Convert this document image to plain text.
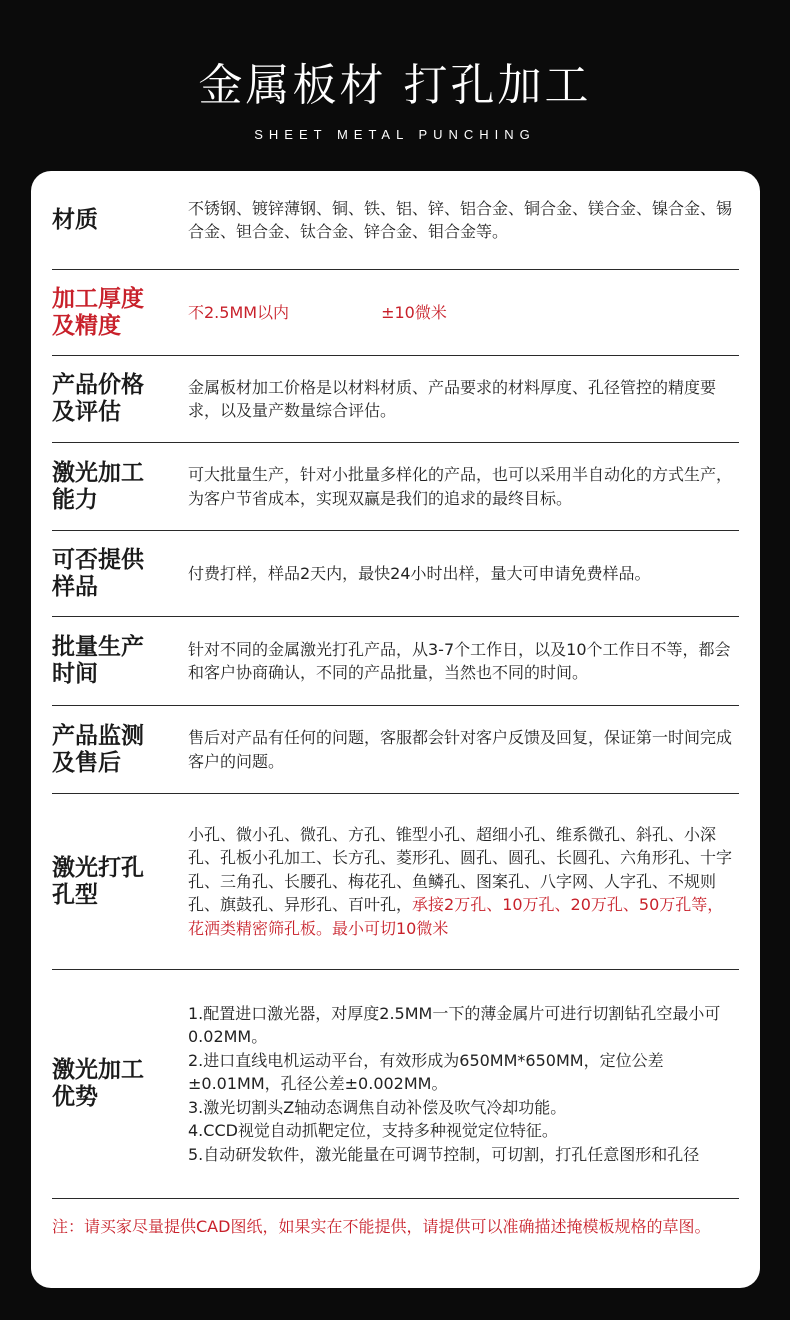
金属板材 打孔加工
SHEET METAL PUNCHING
材质	不锈钢、镀锌薄钢、铜、铁、铝、锌、铝合金、铜合金、镁合金、镍合金、锡合金、钽合金、钛合金、锌合金、钼合金等。
加工厚度
及精度
不2.5MM以内	±10微米
产品价格
及评估
金属板材加工价格是以材料材质、产品要求的材料厚度、孔径管控的精度要求，以及量产数量综合评估。
激光加工
能力
可大批量生产，针对小批量多样化的产品，也可以采用半自动化的方式生产，为客户节省成本，实现双赢是我们的追求的最终目标。
可否提供
样品
付费打样，样品2天内，最快24小时出样，量大可申请免费样品。
批量生产
时间
针对不同的金属激光打孔产品，从3-7个工作日，以及10个工作日不等，都会和客户协商确认，不同的产品批量，当然也不同的时间。
产品监测
及售后
售后对产品有任何的问题，客服都会针对客户反馈及回复，保证第一时间完成客户的问题。
激光打孔
孔型
小孔、微小孔、微孔、方孔、锥型小孔、超细小孔、维系微孔、斜孔、小深孔、孔板小孔加工、长方孔、菱形孔、圆孔、圆孔、长圆孔、六角形孔、十字孔、三角孔、长腰孔、梅花孔、鱼鳞孔、图案孔、八字网、人字孔、不规则孔、旗鼓孔、异形孔、百叶孔，承接2万孔、10万孔、20万孔、50万孔等，花洒类精密筛孔板。最小可切10微米
激光加工
优势
1.配置进口激光器，对厚度2.5MM一下的薄金属片可进行切割钻孔空最小可0.02MM。
2.进口直线电机运动平台，有效形成为650MM*650MM，定位公差±0.01MM，孔径公差±0.002MM。
3.激光切割头Z轴动态调焦自动补偿及吹气冷却功能。
4.CCD视觉自动抓靶定位，支持多种视觉定位特征。
5.自动研发软件，激光能量在可调节控制，可切割，打孔任意图形和孔径
注：请买家尽量提供CAD图纸，如果实在不能提供，请提供可以准确描述掩模板规格的草图。
